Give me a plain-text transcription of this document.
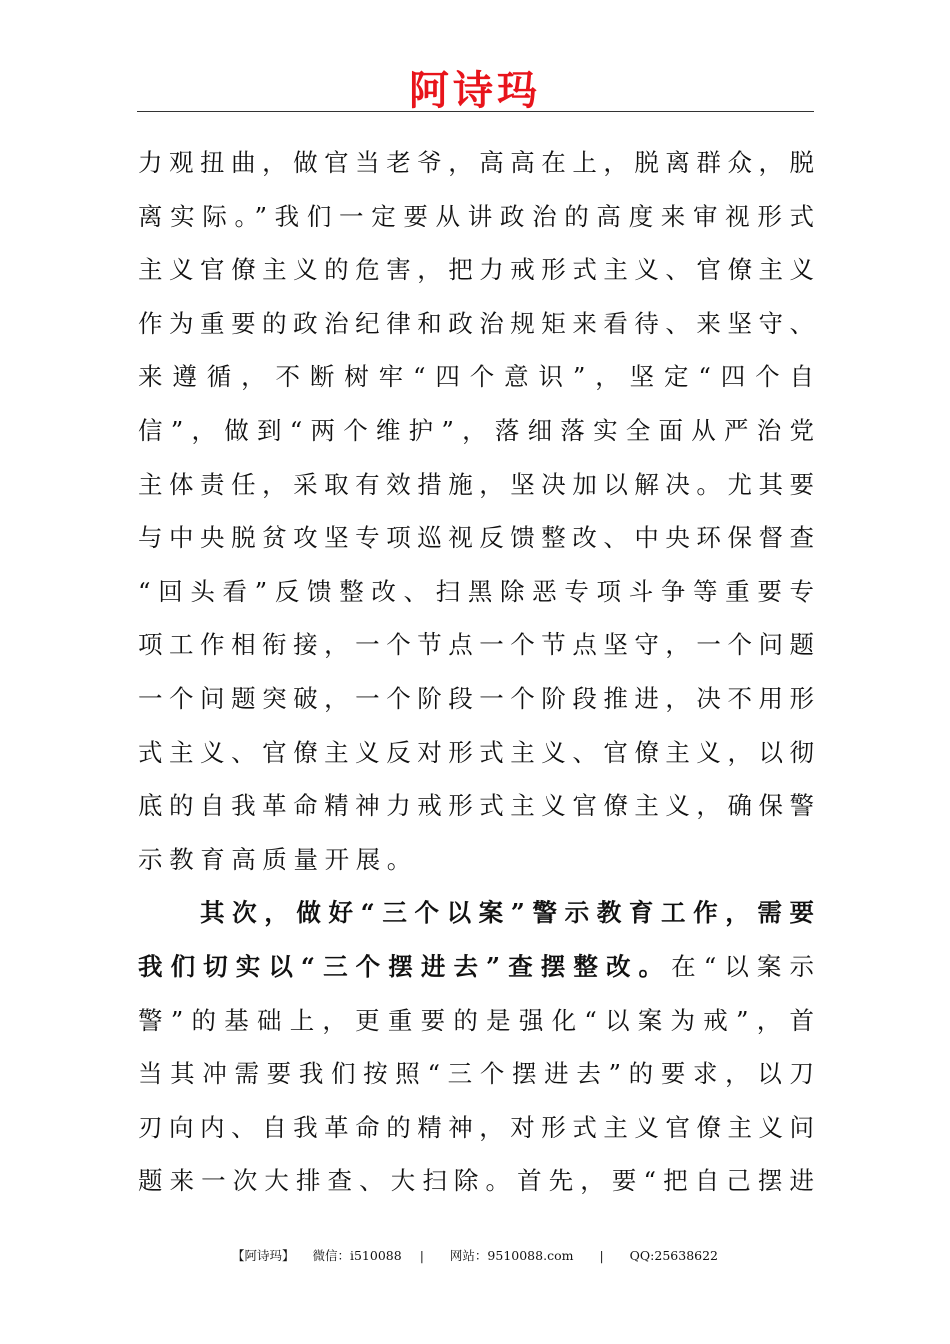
阿诗玛
力观扭曲，做官当老爷，高高在上，脱离群众，脱
离实际。”我们一定要从讲政治的高度来审视形式
主义官僚主义的危害，把力戒形式主义、官僚主义
作为重要的政治纪律和政治规矩来看待、来坚守、
来遵循，不断树牢“四个意识”，坚定“四个自
信”，做到“两个维护”，落细落实全面从严治党
主体责任，采取有效措施，坚决加以解决。尤其要
与中央脱贫攻坚专项巡视反馈整改、中央环保督查
“回头看”反馈整改、扫黑除恶专项斗争等重要专
项工作相衔接，一个节点一个节点坚守，一个问题
一个问题突破，一个阶段一个阶段推进，决不用形
式主义、官僚主义反对形式主义、官僚主义，以彻
底的自我革命精神力戒形式主义官僚主义，确保警
示教育高质量开展。
其次，做好“三个以案”警示教育工作，需要
我们切实以“三个摆进去”查摆整改。在“以案示
警”的基础上，更重要的是强化“以案为戒”，首
当其冲需要我们按照“三个摆进去”的要求，以刀
刃向内、自我革命的精神，对形式主义官僚主义问
题来一次大排查、大扫除。首先，要“把自己摆进
【阿诗玛】 微信：i510088 | 网站：9510088.com | QQ:25638622
